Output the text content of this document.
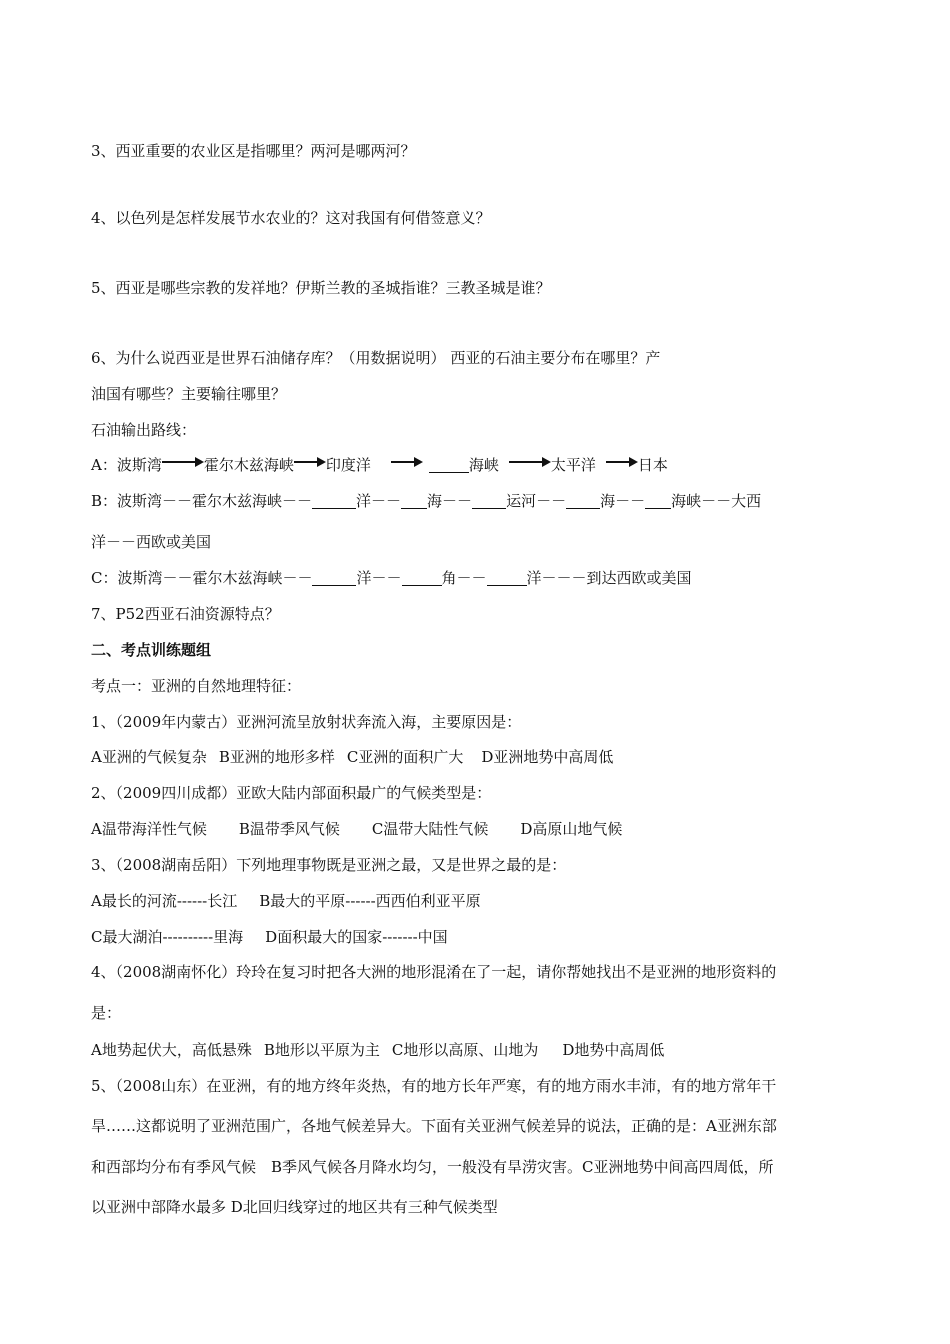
3、西亚重要的农业区是指哪里？两河是哪两河？
4、以色列是怎样发展节水农业的？这对我国有何借签意义？
5、西亚是哪些宗教的发祥地？伊斯兰教的圣城指谁？三教圣城是谁？
6、为什么说西亚是世界石油储存库？（用数据说明） 西亚的石油主要分布在哪里？产
油国有哪些？主要输往哪里？
石油输出路线：
A：波斯湾	霍尔木兹海峡 印度洋	海峡	太平洋	日本
B：波斯湾－－霍尔木兹海峡－－	洋－－ 海－－ 运河－－ 海－－ 海峡－－大西
洋－－西欧或美国
C：波斯湾－－霍尔木兹海峡－－	洋－－	角－－	洋－－－到达西欧或美国
7、P52西亚石油资源特点？
二、考点训练题组
考点一：亚洲的自然地理特征：
1、（2009年内蒙古）亚洲河流呈放射状奔流入海，主要原因是：
A亚洲的气候复杂 B亚洲的地形多样 C亚洲的面积广大 D亚洲地势中高周低
2、（2009四川成都）亚欧大陆内部面积最广的气候类型是：
A温带海洋性气候 B温带季风气候 C温带大陆性气候 D高原山地气候
3、（2008湖南岳阳）下列地理事物既是亚洲之最，又是世界之最的是：
A最长的河流------长江 B最大的平原------西西伯利亚平原
C最大湖泊----------里海 D面积最大的国家-------中国
4、（2008湖南怀化）玲玲在复习时把各大洲的地形混淆在了一起，请你帮她找出不是亚洲的地形资料的
是：
A地势起伏大，高低悬殊 B地形以平原为主 C地形以高原、山地为 D地势中高周低
5、（2008山东）在亚洲，有的地方终年炎热，有的地方长年严寒，有的地方雨水丰沛，有的地方常年干
旱……这都说明了亚洲范围广，各地气候差异大。下面有关亚洲气候差异的说法，正确的是：A亚洲东部
和西部均分布有季风气候　B季风气候各月降水均匀，一般没有旱涝灾害。C亚洲地势中间高四周低，所
以亚洲中部降水最多 D北回归线穿过的地区共有三种气候类型
